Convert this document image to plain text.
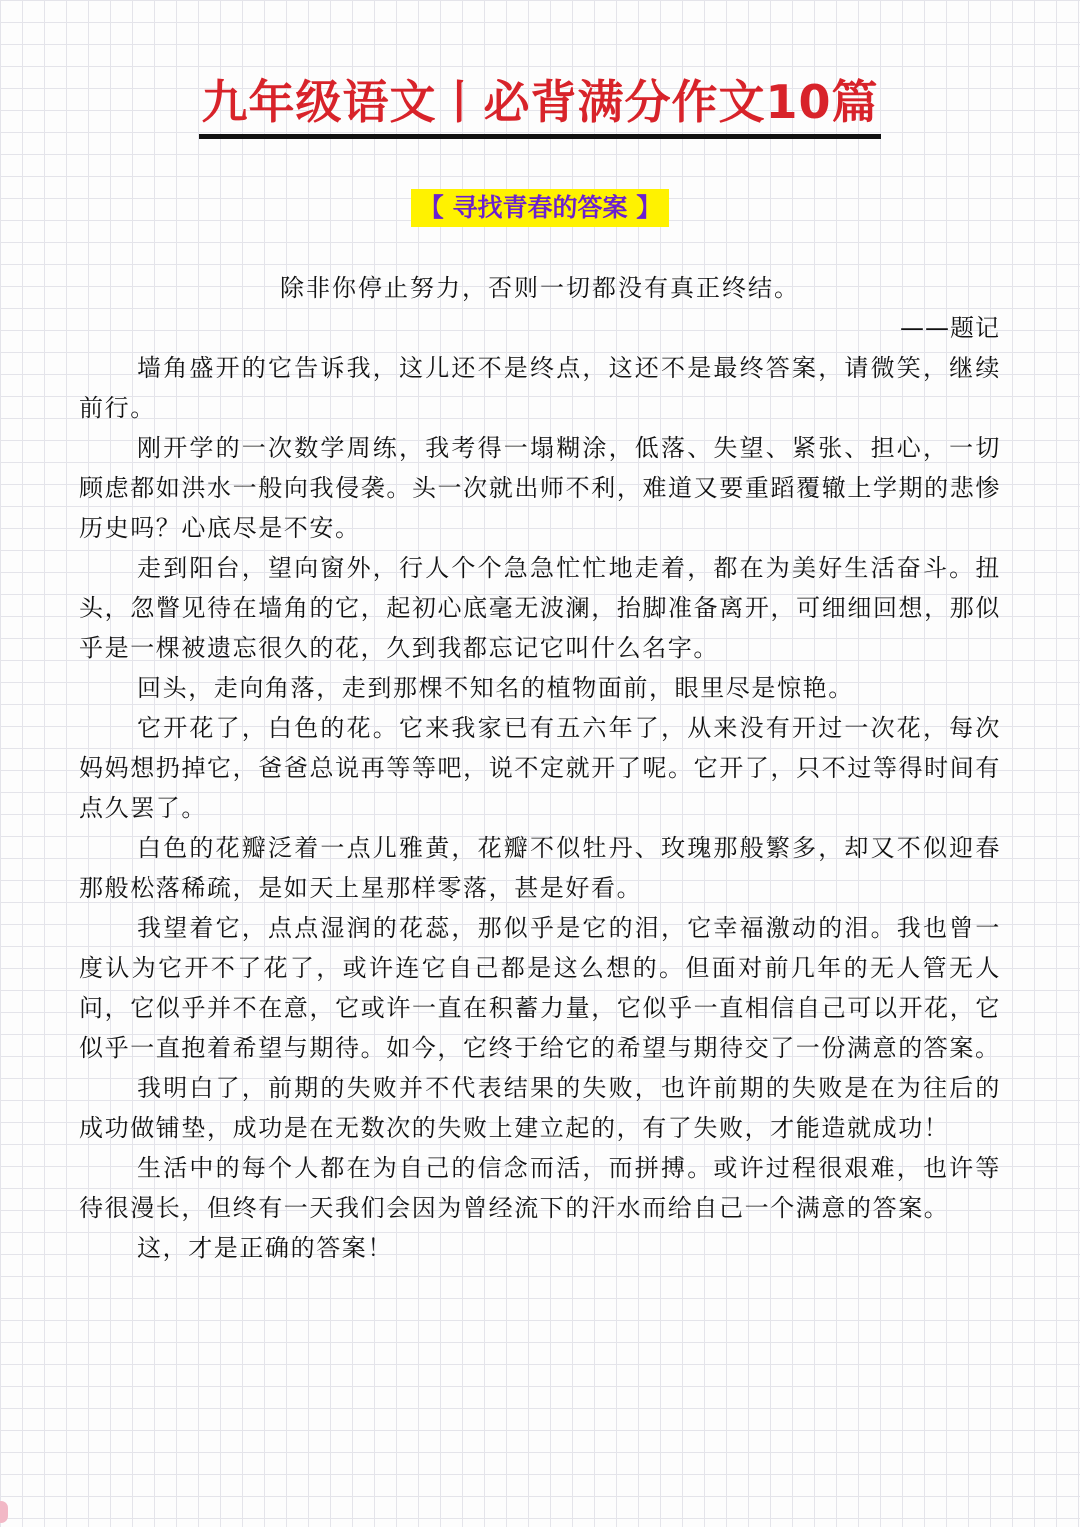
九年级语文丨必背满分作文10篇
【 寻找青春的答案 】
除非你停止努力，否则一切都没有真正终结。
——题记

墙角盛开的它告诉我，这儿还不是终点，这还不是最终答案，请微笑，继续前行。

刚开学的一次数学周练，我考得一塌糊涂，低落、失望、紧张、担心，一切顾虑都如洪水一般向我侵袭。头一次就出师不利，难道又要重蹈覆辙上学期的悲惨历史吗？心底尽是不安。

走到阳台，望向窗外，行人个个急急忙忙地走着，都在为美好生活奋斗。扭头，忽瞥见待在墙角的它，起初心底毫无波澜，抬脚准备离开，可细细回想，那似乎是一棵被遗忘很久的花，久到我都忘记它叫什么名字。

回头，走向角落，走到那棵不知名的植物面前，眼里尽是惊艳。

它开花了，白色的花。它来我家已有五六年了，从来没有开过一次花，每次妈妈想扔掉它，爸爸总说再等等吧，说不定就开了呢。它开了，只不过等得时间有点久罢了。

白色的花瓣泛着一点儿雅黄，花瓣不似牡丹、玫瑰那般繁多，却又不似迎春那般松落稀疏，是如天上星那样零落，甚是好看。

我望着它，点点湿润的花蕊，那似乎是它的泪，它幸福激动的泪。我也曾一度认为它开不了花了，或许连它自己都是这么想的。但面对前几年的无人管无人问，它似乎并不在意，它或许一直在积蓄力量，它似乎一直相信自己可以开花，它似乎一直抱着希望与期待。如今，它终于给它的希望与期待交了一份满意的答案。

我明白了，前期的失败并不代表结果的失败，也许前期的失败是在为往后的成功做铺垫，成功是在无数次的失败上建立起的，有了失败，才能造就成功！

生活中的每个人都在为自己的信念而活，而拼搏。或许过程很艰难，也许等待很漫长，但终有一天我们会因为曾经流下的汗水而给自己一个满意的答案。

这，才是正确的答案！
